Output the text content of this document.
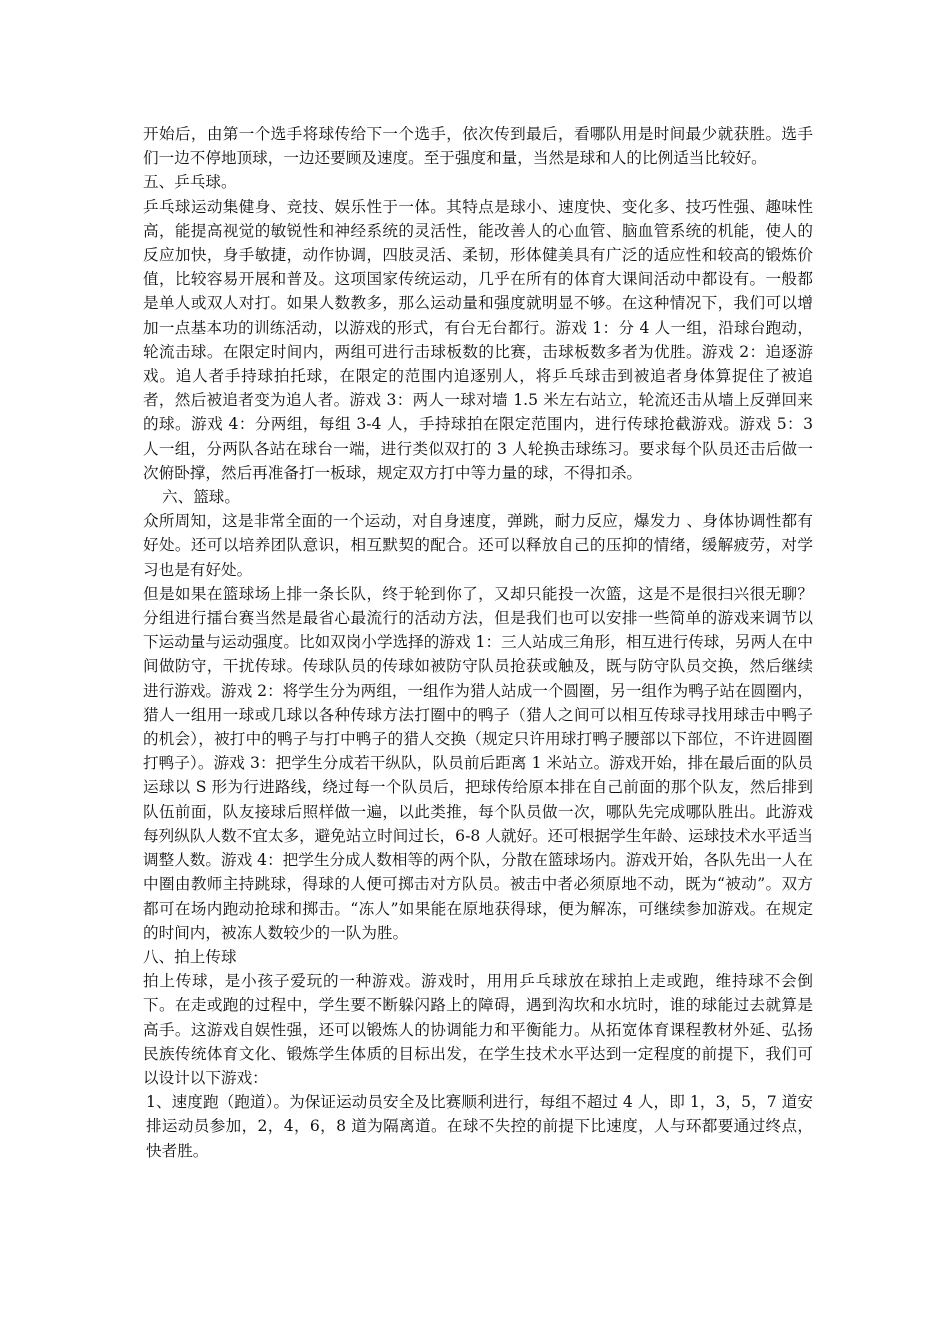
开始后，由第一个选手将球传给下一个选手，依次传到最后，看哪队用是时间最少就获胜。选手们一边不停地顶球，一边还要顾及速度。至于强度和量，当然是球和人的比例适当比较好。

五、乒乓球。

乒乓球运动集健身、竞技、娱乐性于一体。其特点是球小、速度快、变化多、技巧性强、趣味性高，能提高视觉的敏锐性和神经系统的灵活性，能改善人的心血管、脑血管系统的机能，使人的反应加快，身手敏捷，动作协调，四肢灵活、柔韧，形体健美具有广泛的适应性和较高的锻炼价值，比较容易开展和普及。这项国家传统运动，几乎在所有的体育大课间活动中都设有。一般都是单人或双人对打。如果人数教多，那么运动量和强度就明显不够。在这种情况下，我们可以增加一点基本功的训练活动，以游戏的形式，有台无台都行。游戏 1：分 4 人一组，沿球台跑动，轮流击球。在限定时间内，两组可进行击球板数的比赛，击球板数多者为优胜。游戏 2：追逐游戏。追人者手持球拍托球，在限定的范围内追逐别人，将乒乓球击到被追者身体算捉住了被追者，然后被追者变为追人者。游戏 3：两人一球对墙 1.5 米左右站立，轮流还击从墙上反弹回来的球。游戏 4：分两组，每组 3-4 人，手持球拍在限定范围内，进行传球抢截游戏。游戏 5：3 人一组，分两队各站在球台一端，进行类似双打的 3 人轮换击球练习。要求每个队员还击后做一次俯卧撑，然后再准备打一板球，规定双方打中等力量的球，不得扣杀。

六、篮球。

众所周知，这是非常全面的一个运动，对自身速度，弹跳，耐力反应，爆发力 、身体协调性都有好处。还可以培养团队意识，相互默契的配合。还可以释放自己的压抑的情绪，缓解疲劳，对学习也是有好处。

但是如果在篮球场上排一条长队，终于轮到你了，又却只能投一次篮，这是不是很扫兴很无聊？分组进行擂台赛当然是最省心最流行的活动方法，但是我们也可以安排一些简单的游戏来调节以下运动量与运动强度。比如双岗小学选择的游戏 1：三人站成三角形，相互进行传球，另两人在中间做防守，干扰传球。传球队员的传球如被防守队员抢获或触及，既与防守队员交换，然后继续进行游戏。游戏 2：将学生分为两组，一组作为猎人站成一个圆圈，另一组作为鸭子站在圆圈内，猎人一组用一球或几球以各种传球方法打圈中的鸭子（猎人之间可以相互传球寻找用球击中鸭子的机会），被打中的鸭子与打中鸭子的猎人交换（规定只许用球打鸭子腰部以下部位，不许进圆圈打鸭子）。游戏 3：把学生分成若干纵队，队员前后距离 1 米站立。游戏开始，排在最后面的队员运球以 S 形为行进路线，绕过每一个队员后，把球传给原本排在自己前面的那个队友，然后排到队伍前面，队友接球后照样做一遍，以此类推，每个队员做一次，哪队先完成哪队胜出。此游戏每列纵队人数不宜太多，避免站立时间过长，6-8 人就好。还可根据学生年龄、运球技术水平适当调整人数。游戏 4：把学生分成人数相等的两个队，分散在篮球场内。游戏开始，各队先出一人在中圈由教师主持跳球，得球的人便可掷击对方队员。被击中者必须原地不动，既为“被动”。双方都可在场内跑动抢球和掷击。“冻人”如果能在原地获得球，便为解冻，可继续参加游戏。在规定的时间内，被冻人数较少的一队为胜。

八、拍上传球

拍上传球，是小孩子爱玩的一种游戏。游戏时，用用乒乓球放在球拍上走或跑，维持球不会倒下。在走或跑的过程中，学生要不断躲闪路上的障碍，遇到沟坎和水坑时，谁的球能过去就算是高手。这游戏自娱性强，还可以锻炼人的协调能力和平衡能力。从拓宽体育课程教材外延、弘扬民族传统体育文化、锻炼学生体质的目标出发，在学生技术水平达到一定程度的前提下，我们可以设计以下游戏：

1、速度跑（跑道）。为保证运动员安全及比赛顺利进行，每组不超过 4 人，即 1，3，5，7 道安排运动员参加，2，4，6，8 道为隔离道。在球不失控的前提下比速度，人与环都要通过终点，快者胜。
